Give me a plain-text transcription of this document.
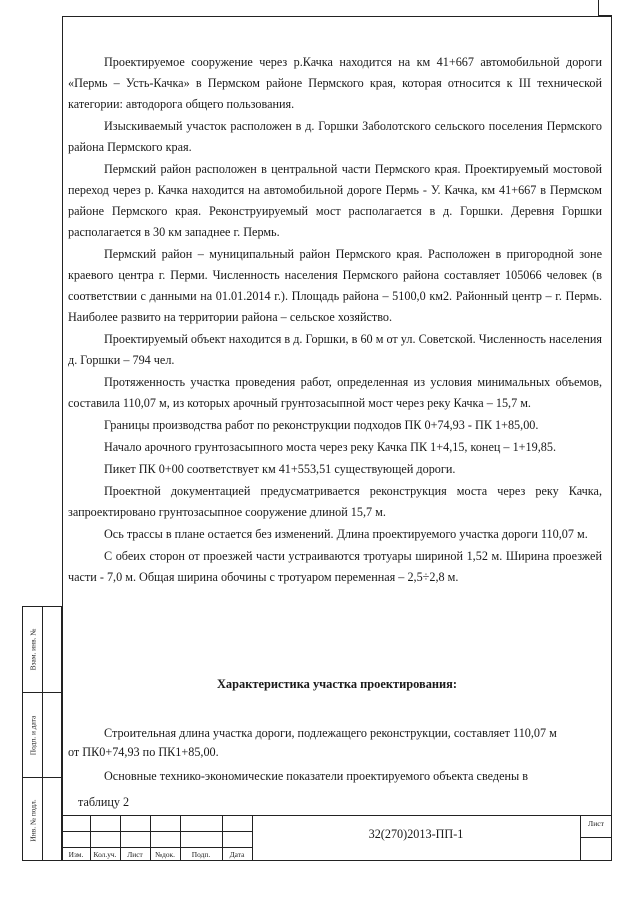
Проектируемое сооружение через р.Качка находится на км 41+667 автомобильной дороги «Пермь – Усть-Качка» в Пермском районе Пермского края, которая относится к III технической категории: автодорога общего пользования.

Изыскиваемый участок расположен в д. Горшки Заболотского сельского поселения Пермского района Пермского края.

Пермский район расположен в центральной части Пермского края. Проектируемый мостовой переход через р. Качка находится на автомобильной дороге Пермь - У. Качка, км 41+667 в Пермском районе Пермского края. Реконструируемый мост располагается в д. Горшки. Деревня Горшки располагается в 30 км западнее г. Пермь.

Пермский район – муниципальный район Пермского края. Расположен в пригородной зоне краевого центра г. Перми. Численность населения Пермского района составляет 105066 человек (в соответствии с данными на 01.01.2014 г.). Площадь района – 5100,0 км2. Районный центр – г. Пермь. Наиболее развито на территории района – сельское хозяйство.

Проектируемый объект находится в д. Горшки, в 60 м от ул. Советской. Численность населения д. Горшки – 794 чел.

Протяженность участка проведения работ, определенная из условия минимальных объемов, составила 110,07 м, из которых арочный грунтозасыпной мост через реку Качка – 15,7 м.

Границы производства работ по реконструкции подходов ПК 0+74,93 - ПК 1+85,00.

Начало арочного грунтозасыпного моста через реку Качка ПК 1+4,15, конец – 1+19,85.

Пикет ПК 0+00 соответствует км 41+553,51 существующей дороги.

Проектной документацией предусматривается реконструкция моста через реку Качка, запроектировано грунтозасыпное сооружение длиной 15,7 м.

Ось трассы в плане остается без изменений. Длина проектируемого участка дороги 110,07 м.

С обеих сторон от проезжей части устраиваются тротуары шириной 1,52 м. Ширина проезжей части - 7,0 м. Общая ширина обочины с тротуаром переменная – 2,5÷2,8 м.

Характеристика участка проектирования:

Строительная длина участка дороги, подлежащего реконструкции, составляет 110,07 м

от ПК0+74,93 по ПК1+85,00.

Основные технико-экономические показатели проектируемого объекта сведены в

таблицу 2

Взам. инв. №
Подп. и дата
Инв. № подл.
Изм.	Кол.уч.	Лист	№док.	Подп.	Дата
32(270)2013-ПП-1
Лист
